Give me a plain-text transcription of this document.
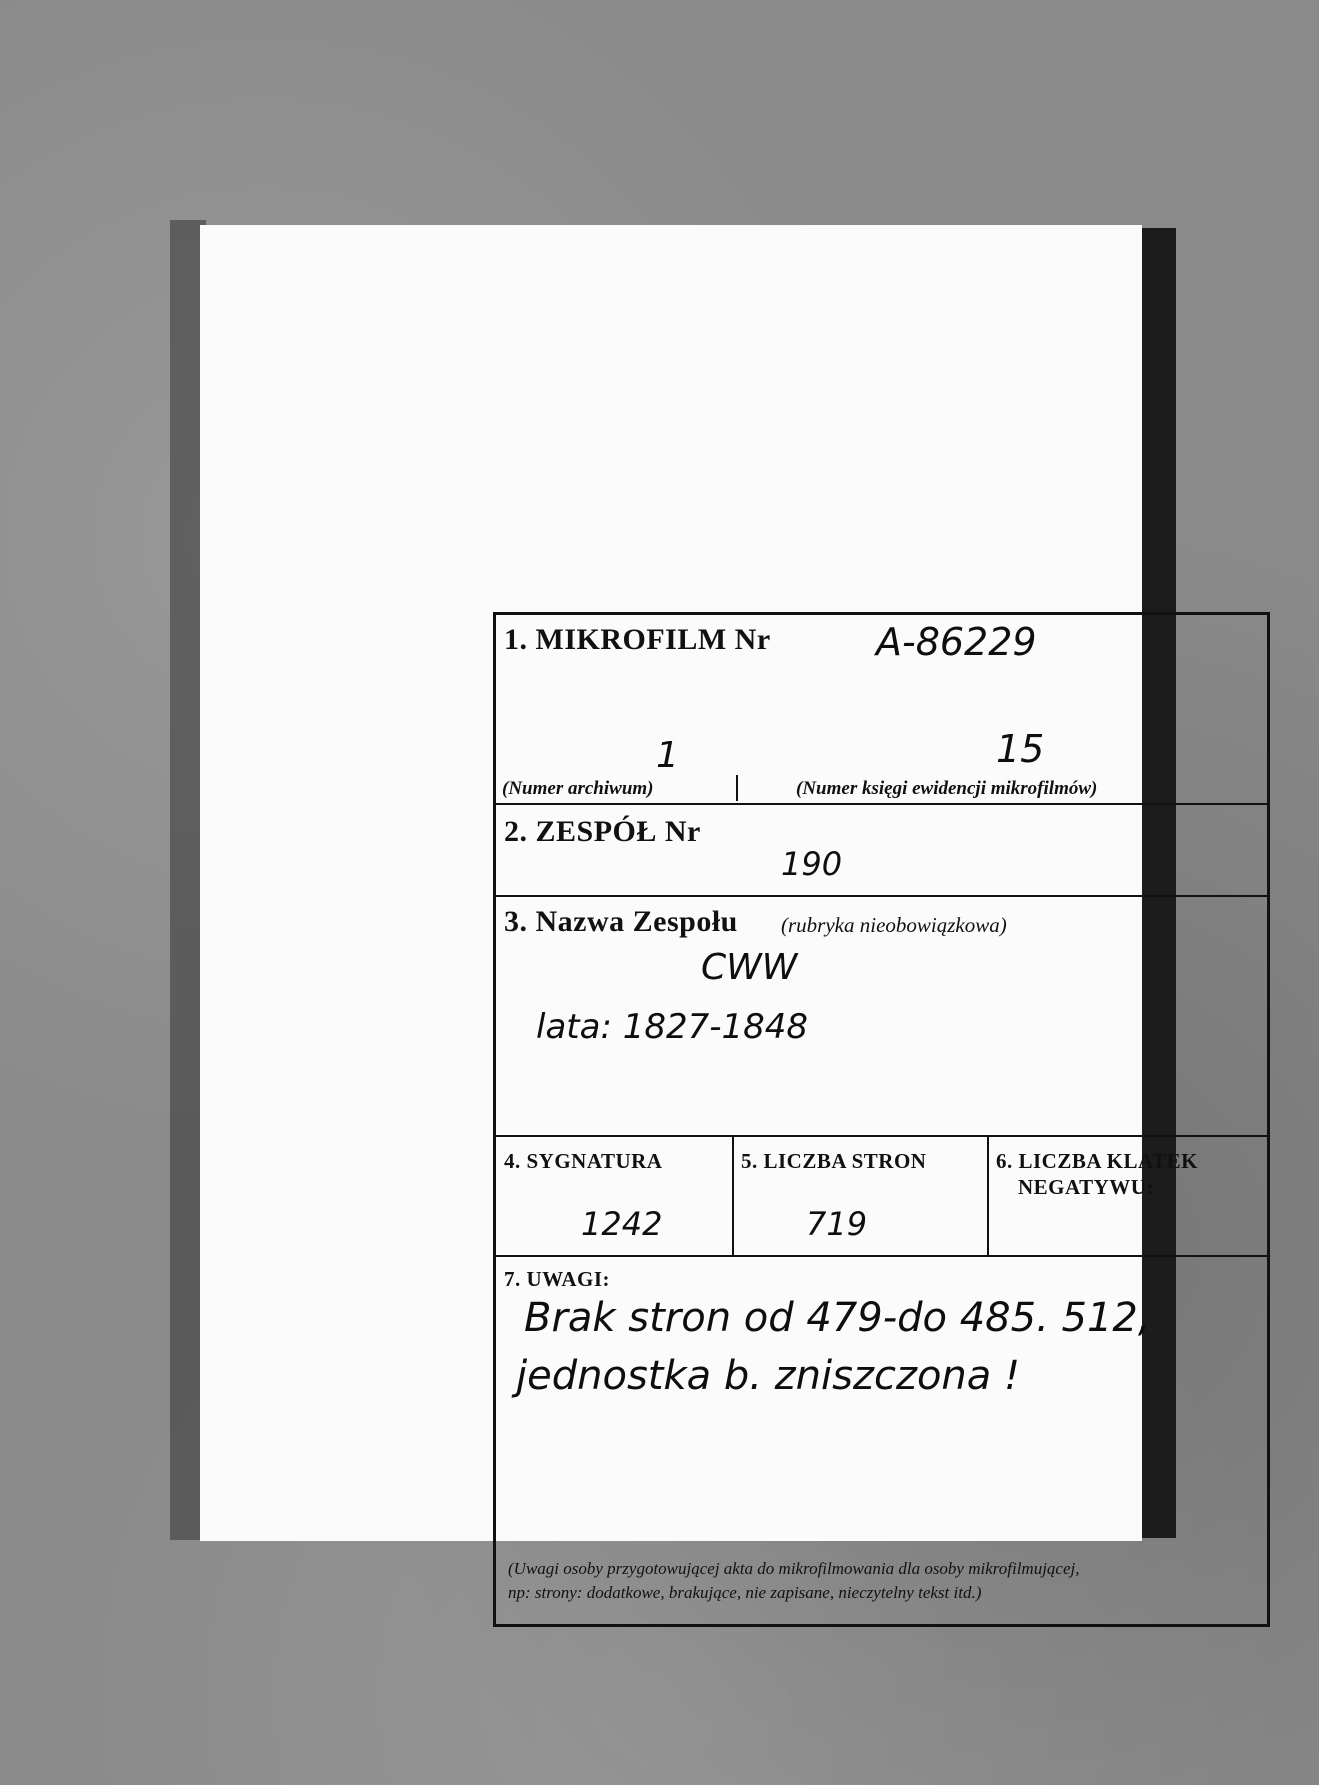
1. MIKROFILM Nr	A-86229
1	15
(Numer archiwum)	(Numer księgi ewidencji mikrofilmów)
2. ZESPÓŁ Nr
190
3. Nazwa Zespołu (rubryka nieobowiązkowa)
CWW
lata: 1827-1848
4. SYGNATURA
1242
5. LICZBA STRON
719
6. LICZBA KLATEK
NEGATYWU:
7. UWAGI:
Brak stron od 479-do 485. 512,
jednostka b. zniszczona !
(Uwagi osoby przygotowującej akta do mikrofilmowania dla osoby mikrofilmującej,
np: strony: dodatkowe, brakujące, nie zapisane, nieczytelny tekst itd.)
